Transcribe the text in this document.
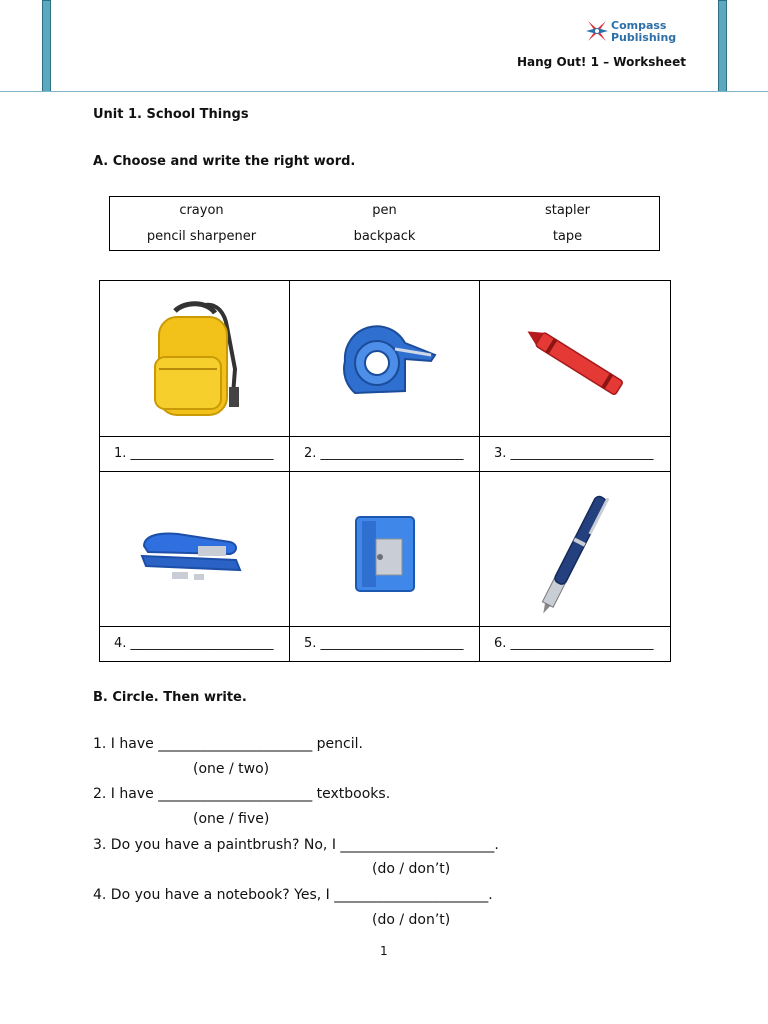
Compass
Publishing
Hang Out! 1 – Worksheet
Unit 1. School Things
A. Choose and write the right word.
crayon	pen	stapler
pencil sharpener	backpack	tape
1. ______________________ 2. ______________________ 3. ______________________
4. ______________________ 5. ______________________ 6. ______________________
B. Circle. Then write.
1. I have ______________________ pencil.
(one / two)
2. I have ______________________ textbooks.
(one / five)
3. Do you have a paintbrush? No, I ______________________.
(do / don’t)
4. Do you have a notebook? Yes, I ______________________.
(do / don’t)
1
